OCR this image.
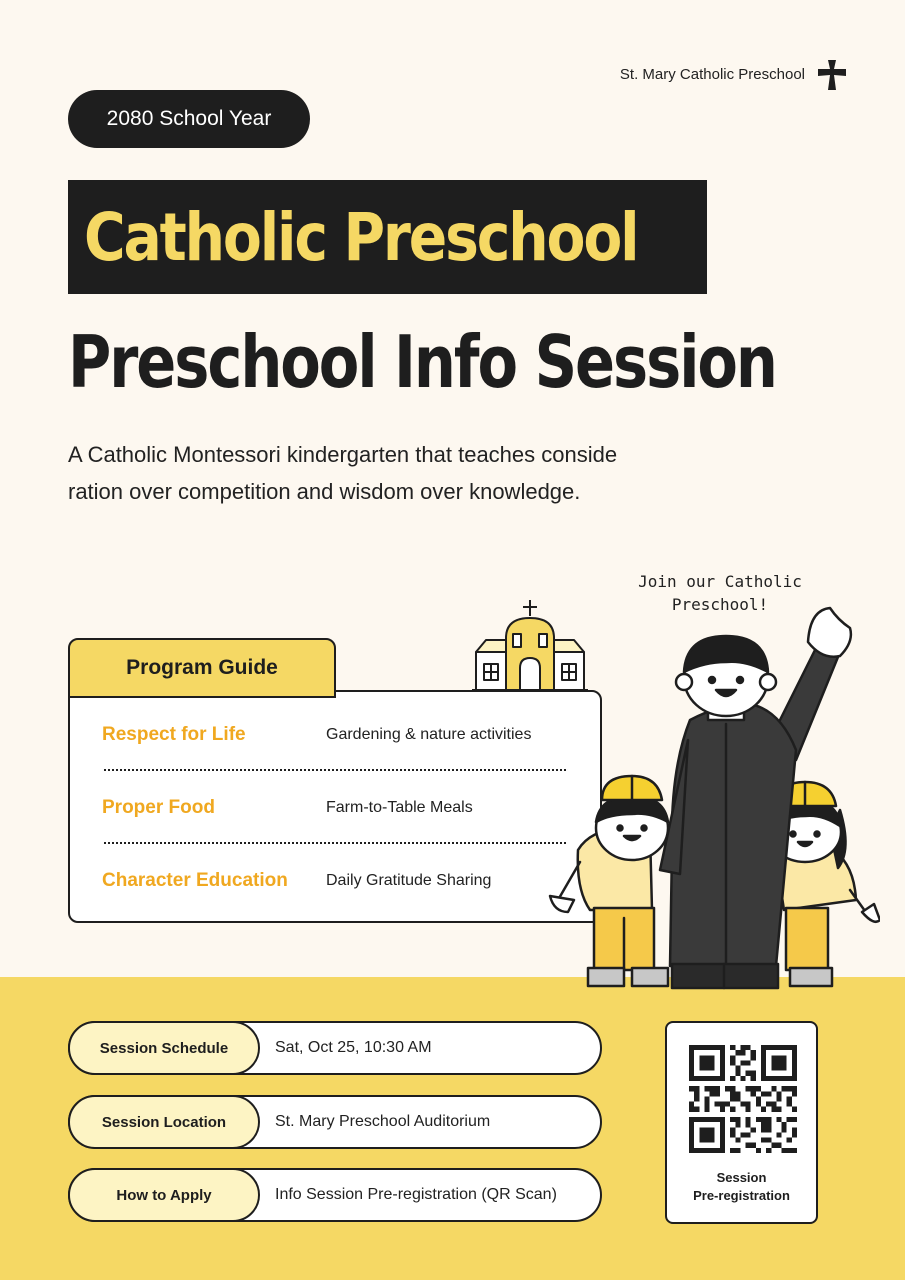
St. Mary Catholic Preschool
2080 School Year
Catholic Preschool
Preschool Info Session
A Catholic Montessori kindergarten that teaches conside
ration over competition and wisdom over knowledge.
Join our Catholic
Preschool!
Respect for Life	Gardening & nature activities
Proper Food	Farm-to-Table Meals
Character Education	Daily Gratitude Sharing
Program Guide
Session Schedule	Sat, Oct 25, 10:30 AM
Session Location	St. Mary Preschool Auditorium
How to Apply	Info Session Pre-registration (QR Scan)
Session
Pre-registration
